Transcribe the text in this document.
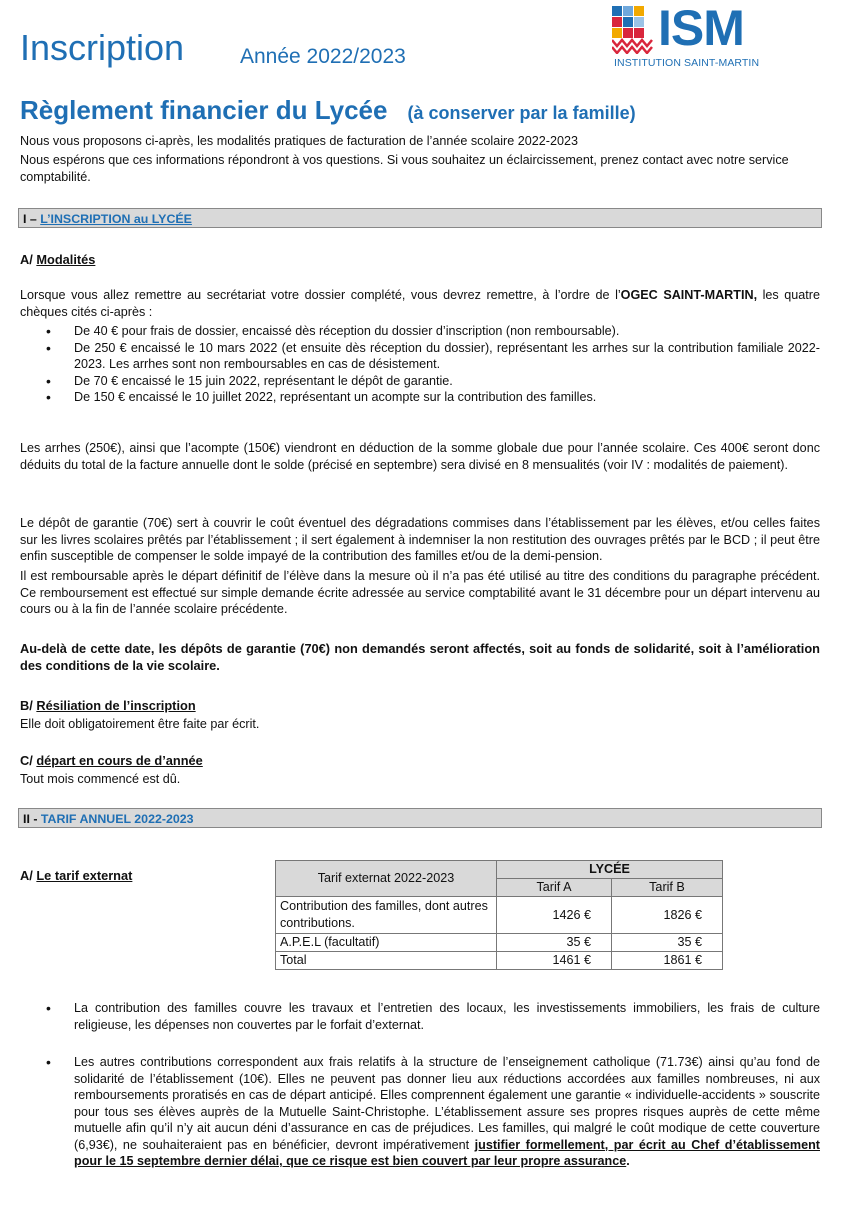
Inscription	Année 2022/2023
ISM
INSTITUTION SAINT-MARTIN
Règlement financier du Lycée (à conserver par la famille)
Nous vous proposons ci-après, les modalités pratiques de facturation de l’année scolaire 2022-2023
Nous espérons que ces informations répondront à vos questions. Si vous souhaitez un éclaircissement, prenez contact avec notre service comptabilité.
I – L’INSCRIPTION au LYCÉE
A/ Modalités
Lorsque vous allez remettre au secrétariat votre dossier complété, vous devrez remettre, à l’ordre de l’OGEC SAINT-MARTIN, les quatre chèques cités ci-après :
• De 40 € pour frais de dossier, encaissé dès réception du dossier d’inscription (non remboursable).
• De 250 € encaissé le 10 mars 2022 (et ensuite dès réception du dossier), représentant les arrhes sur la contribution familiale 2022-2023. Les arrhes sont non remboursables en cas de désistement.
• De 70 € encaissé le 15 juin 2022, représentant le dépôt de garantie.
• De 150 € encaissé le 10 juillet 2022, représentant un acompte sur la contribution des familles.
Les arrhes (250€), ainsi que l’acompte (150€) viendront en déduction de la somme globale due pour l’année scolaire. Ces 400€ seront donc déduits du total de la facture annuelle dont le solde (précisé en septembre) sera divisé en 8 mensualités (voir IV : modalités de paiement).
Le dépôt de garantie (70€) sert à couvrir le coût éventuel des dégradations commises dans l’établissement par les élèves, et/ou celles faites sur les livres scolaires prêtés par l’établissement ; il sert également à indemniser la non restitution des ouvrages prêtés par le BCD ; il peut être enfin susceptible de compenser le solde impayé de la contribution des familles et/ou de la demi-pension.
Il est remboursable après le départ définitif de l’élève dans la mesure où il n’a pas été utilisé au titre des conditions du paragraphe précédent. Ce remboursement est effectué sur simple demande écrite adressée au service comptabilité avant le 31 décembre pour un départ intervenu au cours ou à la fin de l’année scolaire précédente.
Au-delà de cette date, les dépôts de garantie (70€) non demandés seront affectés, soit au fonds de solidarité, soit à l’amélioration des conditions de la vie scolaire.
B/ Résiliation de l’inscription
Elle doit obligatoirement être faite par écrit.
C/ départ en cours de d’année
Tout mois commencé est dû.
II - TARIF ANNUEL 2022-2023
A/ Le tarif externat	Tarif externat 2022-2023	LYCÉE	
	Tarif A	Tarif B
Contribution des familles, dont autres contributions.	1426 €	1826 €
A.P.E.L (facultatif)	35 €	35 €
Total	1461 €	1861 €
• La contribution des familles couvre les travaux et l’entretien des locaux, les investissements immobiliers, les frais de culture religieuse, les dépenses non couvertes par le forfait d’externat.
• Les autres contributions correspondent aux frais relatifs à la structure de l’enseignement catholique (71.73€) ainsi qu’au fond de solidarité de l’établissement (10€). Elles ne peuvent pas donner lieu aux réductions accordées aux familles nombreuses, ni aux remboursements proratisés en cas de départ anticipé. Elles comprennent également une garantie « individuelle-accidents » souscrite pour tous ses élèves auprès de la Mutuelle Saint-Christophe. L’établissement assure ses propres risques auprès de cette même mutuelle afin qu’il n’y ait aucun déni d’assurance en cas de préjudices. Les familles, qui malgré le coût modique de cette couverture (6,93€), ne souhaiteraient pas en bénéficier, devront impérativement justifier formellement, par écrit au Chef d’établissement pour le 15 septembre dernier délai, que ce risque est bien couvert par leur propre assurance.
